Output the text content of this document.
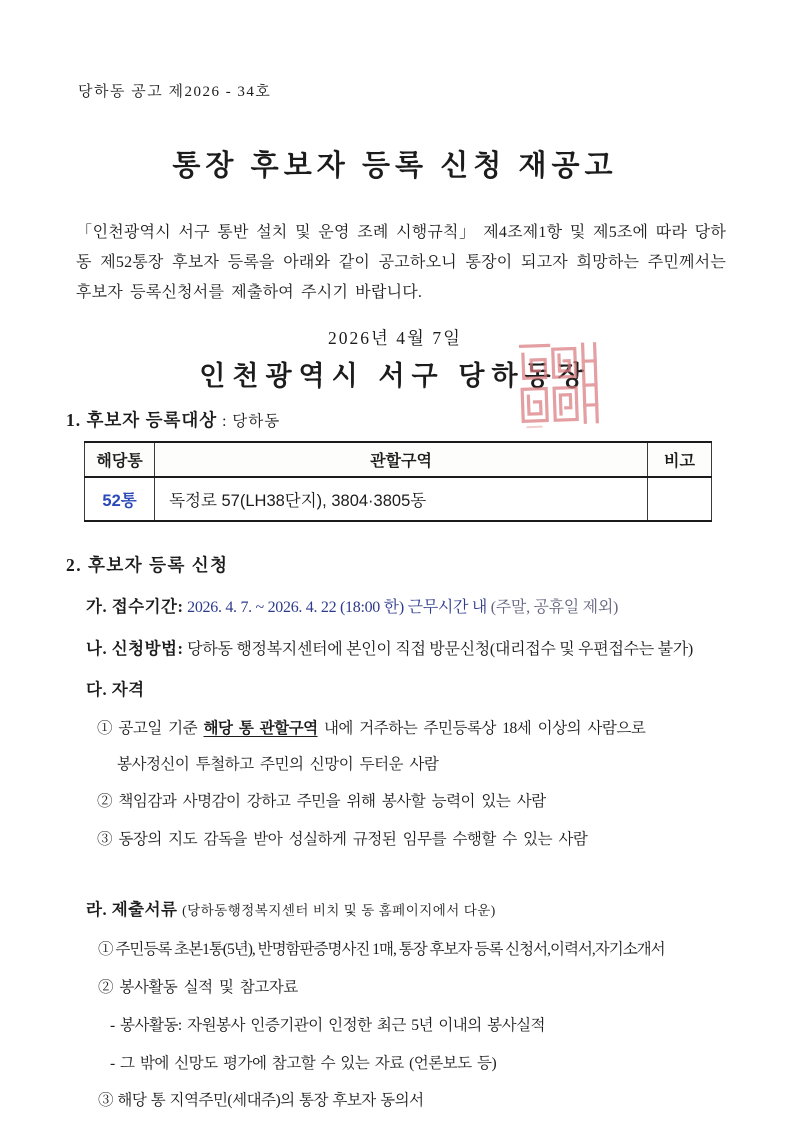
당하동 공고 제2026 - 34호
통장 후보자 등록 신청 재공고

「인천광역시 서구 통반 설치 및 운영 조례 시행규칙」 제4조제1항 및 제5조에 따라 당하동 제52통장 후보자 등록을 아래와 같이 공고하오니 통장이 되고자 희망하는 주민께서는 후보자 등록신청서를 제출하여 주시기 바랍니다.

2026년 4월 7일
인천광역시 서구 당하동장
1. 후보자 등록대상 : 당하동
해당통	관할구역	비고
52통	독정로 57(LH38단지), 3804·3805동	
2. 후보자 등록 신청
가. 접수기간: 2026. 4. 7. ~ 2026. 4. 22 (18:00 한) 근무시간 내 (주말, 공휴일 제외)
나. 신청방법: 당하동 행정복지센터에 본인이 직접 방문신청(대리접수 및 우편접수는 불가)
다. 자격
① 공고일 기준 해당 통 관할구역 내에 거주하는 주민등록상 18세 이상의 사람으로
봉사정신이 투철하고 주민의 신망이 두터운 사람
② 책임감과 사명감이 강하고 주민을 위해 봉사할 능력이 있는 사람
③ 동장의 지도 감독을 받아 성실하게 규정된 임무를 수행할 수 있는 사람
라. 제출서류 (당하동행정복지센터 비치 및 동 홈페이지에서 다운)
① 주민등록 초본1통(5년), 반명함판증명사진 1매, 통장 후보자 등록 신청서,이력서,자기소개서
② 봉사활동 실적 및 참고자료
- 봉사활동: 자원봉사 인증기관이 인정한 최근 5년 이내의 봉사실적
- 그 밖에 신망도 평가에 참고할 수 있는 자료 (언론보도 등)
③ 해당 통 지역주민(세대주)의 통장 후보자 동의서
